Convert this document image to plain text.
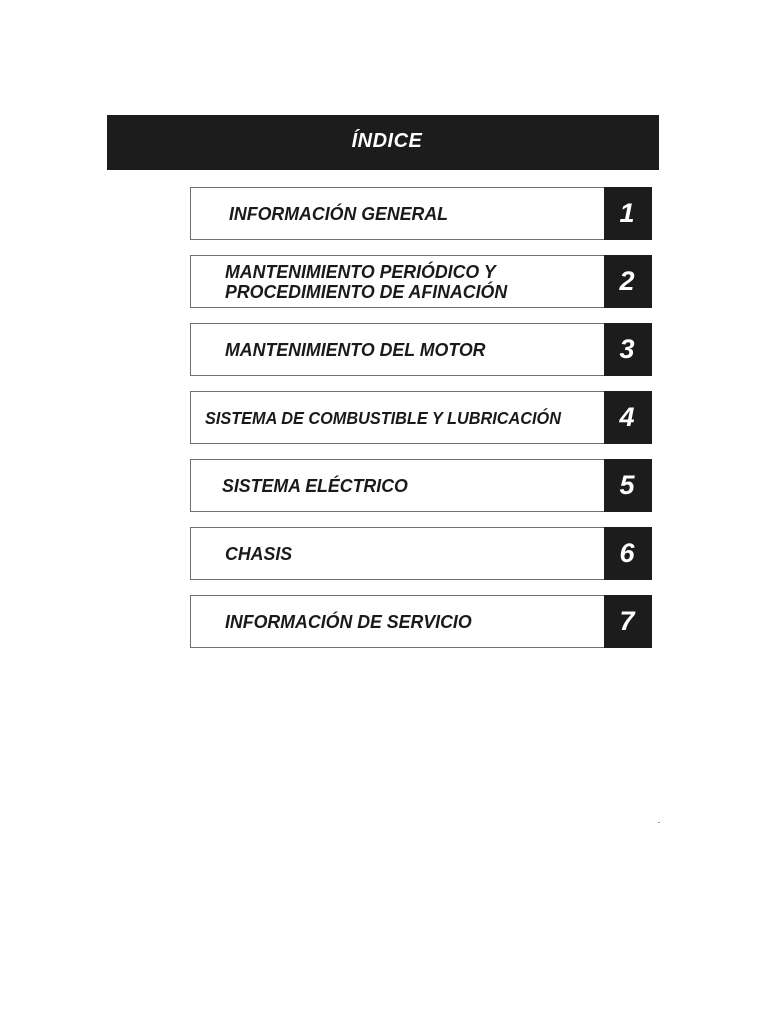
ÍNDICE
INFORMACIÓN GENERAL	1
MANTENIMIENTO PERIÓDICO Y
PROCEDIMIENTO DE AFINACIÓN	2
MANTENIMIENTO DEL MOTOR	3
SISTEMA DE COMBUSTIBLE Y LUBRICACIÓN 4
SISTEMA ELÉCTRICO	5
CHASIS	6
INFORMACIÓN DE SERVICIO	7
